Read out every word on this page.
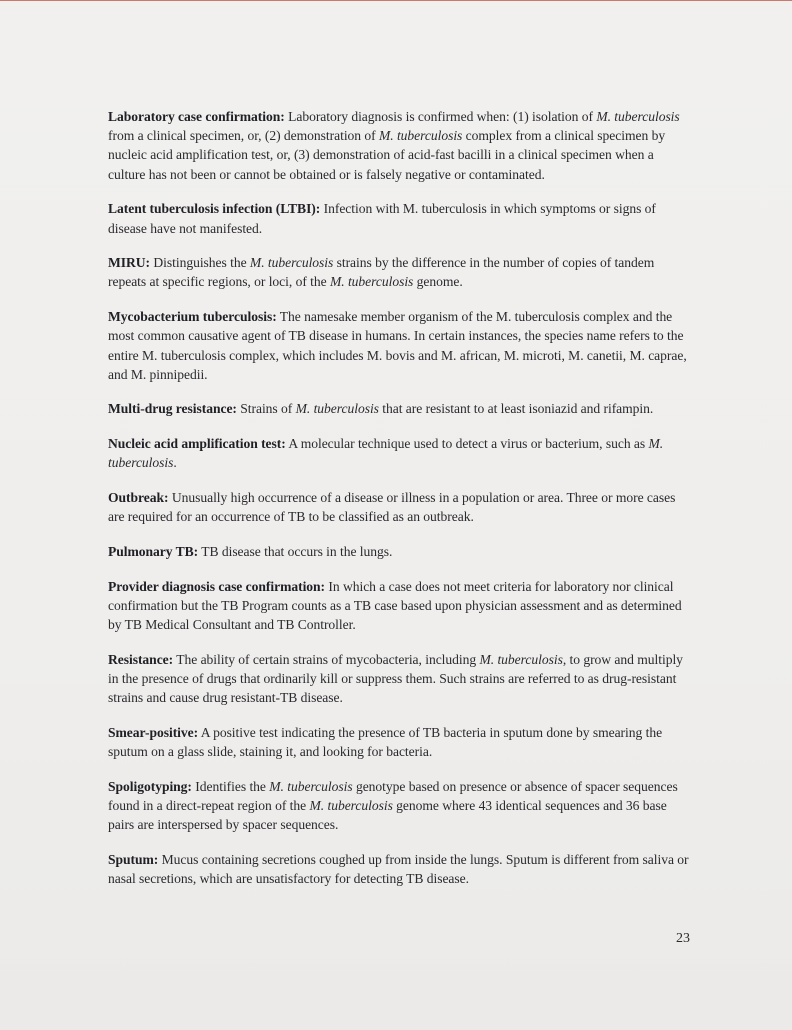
Laboratory case confirmation: Laboratory diagnosis is confirmed when: (1) isolation of M. tuberculosis from a clinical specimen, or, (2) demonstration of M. tuberculosis complex from a clinical specimen by nucleic acid amplification test, or, (3) demonstration of acid-fast bacilli in a clinical specimen when a culture has not been or cannot be obtained or is falsely negative or contaminated.

Latent tuberculosis infection (LTBI): Infection with M. tuberculosis in which symptoms or signs of disease have not manifested.

MIRU: Distinguishes the M. tuberculosis strains by the difference in the number of copies of tandem repeats at specific regions, or loci, of the M. tuberculosis genome.

Mycobacterium tuberculosis: The namesake member organism of the M. tuberculosis complex and the most common causative agent of TB disease in humans. In certain instances, the species name refers to the entire M. tuberculosis complex, which includes M. bovis and M. african, M. microti, M. canetii, M. caprae, and M. pinnipedii.

Multi-drug resistance: Strains of M. tuberculosis that are resistant to at least isoniazid and rifampin.

Nucleic acid amplification test: A molecular technique used to detect a virus or bacterium, such as M. tuberculosis.

Outbreak: Unusually high occurrence of a disease or illness in a population or area. Three or more cases are required for an occurrence of TB to be classified as an outbreak.

Pulmonary TB: TB disease that occurs in the lungs.

Provider diagnosis case confirmation: In which a case does not meet criteria for laboratory nor clinical confirmation but the TB Program counts as a TB case based upon physician assessment and as determined by TB Medical Consultant and TB Controller.

Resistance: The ability of certain strains of mycobacteria, including M. tuberculosis, to grow and multiply in the presence of drugs that ordinarily kill or suppress them. Such strains are referred to as drug-resistant strains and cause drug resistant-TB disease.

Smear-positive: A positive test indicating the presence of TB bacteria in sputum done by smearing the sputum on a glass slide, staining it, and looking for bacteria.

Spoligotyping: Identifies the M. tuberculosis genotype based on presence or absence of spacer sequences found in a direct-repeat region of the M. tuberculosis genome where 43 identical sequences and 36 base pairs are interspersed by spacer sequences.

Sputum: Mucus containing secretions coughed up from inside the lungs. Sputum is different from saliva or nasal secretions, which are unsatisfactory for detecting TB disease.

23
